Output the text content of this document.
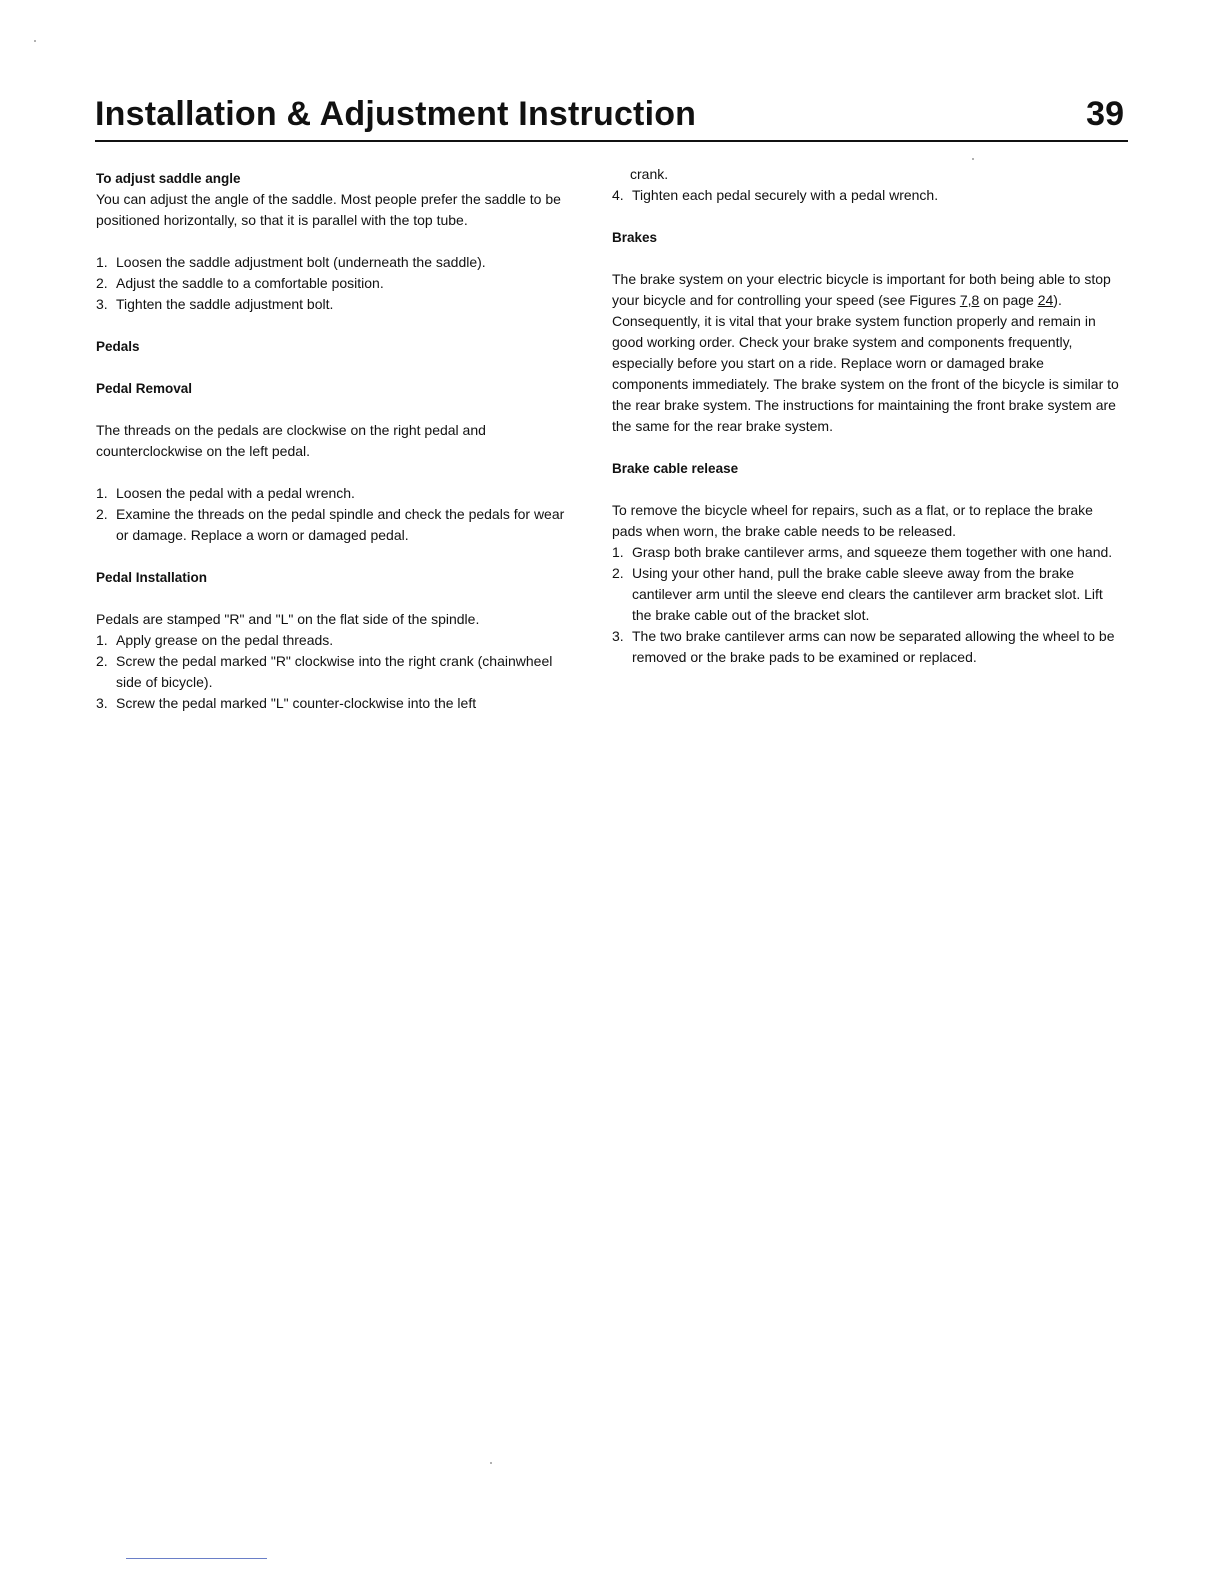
Installation & Adjustment Instruction	39

To adjust saddle angle

You can adjust the angle of the saddle. Most people prefer the saddle to be positioned horizontally, so that it is parallel with the top tube.

1. Loosen the saddle adjustment bolt (underneath the saddle).
2. Adjust the saddle to a comfortable position.
3. Tighten the saddle adjustment bolt.

Pedals

Pedal Removal

The threads on the pedals are clockwise on the right pedal and counterclockwise on the left pedal.

1. Loosen the pedal with a pedal wrench.
2. Examine the threads on the pedal spindle and check the pedals for wear or damage. Replace a worn or damaged pedal.

Pedal Installation

Pedals are stamped "R" and "L" on the flat side of the spindle.

1. Apply grease on the pedal threads.
2. Screw the pedal marked "R" clockwise into the right crank (chainwheel side of bicycle).
3. Screw the pedal marked "L" counter-clockwise into the left

crank.

4. Tighten each pedal securely with a pedal wrench.

Brakes

The brake system on your electric bicycle is important for both being able to stop your bicycle and for controlling your speed (see Figures 7,8 on page 24). Consequently, it is vital that your brake system function properly and remain in good working order. Check your brake system and components frequently, especially before you start on a ride. Replace worn or damaged brake components immediately. The brake system on the front of the bicycle is similar to the rear brake system. The instructions for maintaining the front brake system are the same for the rear brake system.

Brake cable release

To remove the bicycle wheel for repairs, such as a flat, or to replace the brake pads when worn, the brake cable needs to be released.

1. Grasp both brake cantilever arms, and squeeze them together with one hand.
2. Using your other hand, pull the brake cable sleeve away from the brake cantilever arm until the sleeve end clears the cantilever arm bracket slot. Lift the brake cable out of the bracket slot.
3. The two brake cantilever arms can now be separated allowing the wheel to be removed or the brake pads to be examined or replaced.
